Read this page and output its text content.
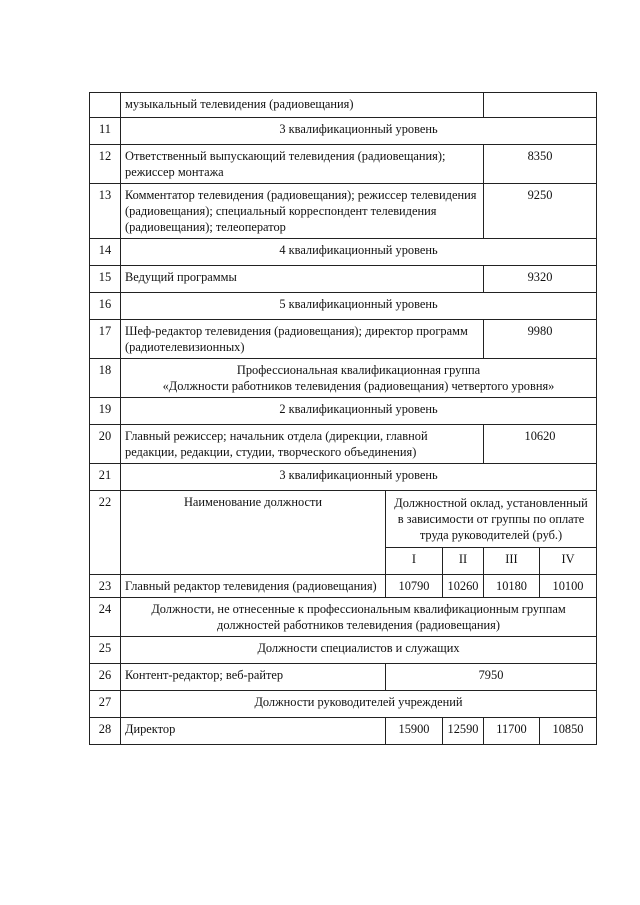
	музыкальный телевидения (радиовещания)				
11	3 квалификационный уровень				
12	Ответственный выпускающий телевидения (радиовещания); режиссер монтажа			8350	
13	Комментатор телевидения (радиовещания); режиссер телевидения (радиовещания); специальный корреспондент телевидения (радиовещания); телеоператор			9250	
14	4 квалификационный уровень				
15	Ведущий программы			9320	
16	5 квалификационный уровень				
17	Шеф-редактор телевидения (радиовещания); директор программ (радиотелевизионных)			9980	
18	Профессиональная квалификационная группа
«Должности работников телевидения (радиовещания) четвертого уровня»				

19	2 квалификационный уровень				
20	Главный режиссер; начальник отдела (дирекции, главной редакции, редакции, студии, творческого объединения)			10620	
21	3 квалификационный уровень				
22	Наименование должности	Должностной оклад, установленный в зависимости от группы по оплате труда руководителей (руб.)			
		I	II	III	IV
23	Главный редактор телевидения (радиовещания)	10790	10260	10180	10100
24	Должности, не отнесенные к профессиональным квалификационным группам должностей работников телевидения (радиовещания)				
25	Должности специалистов и служащих				
26	Контент-редактор; веб-райтер	7950			
27	Должности руководителей учреждений				
28	Директор	15900	12590	11700	10850
